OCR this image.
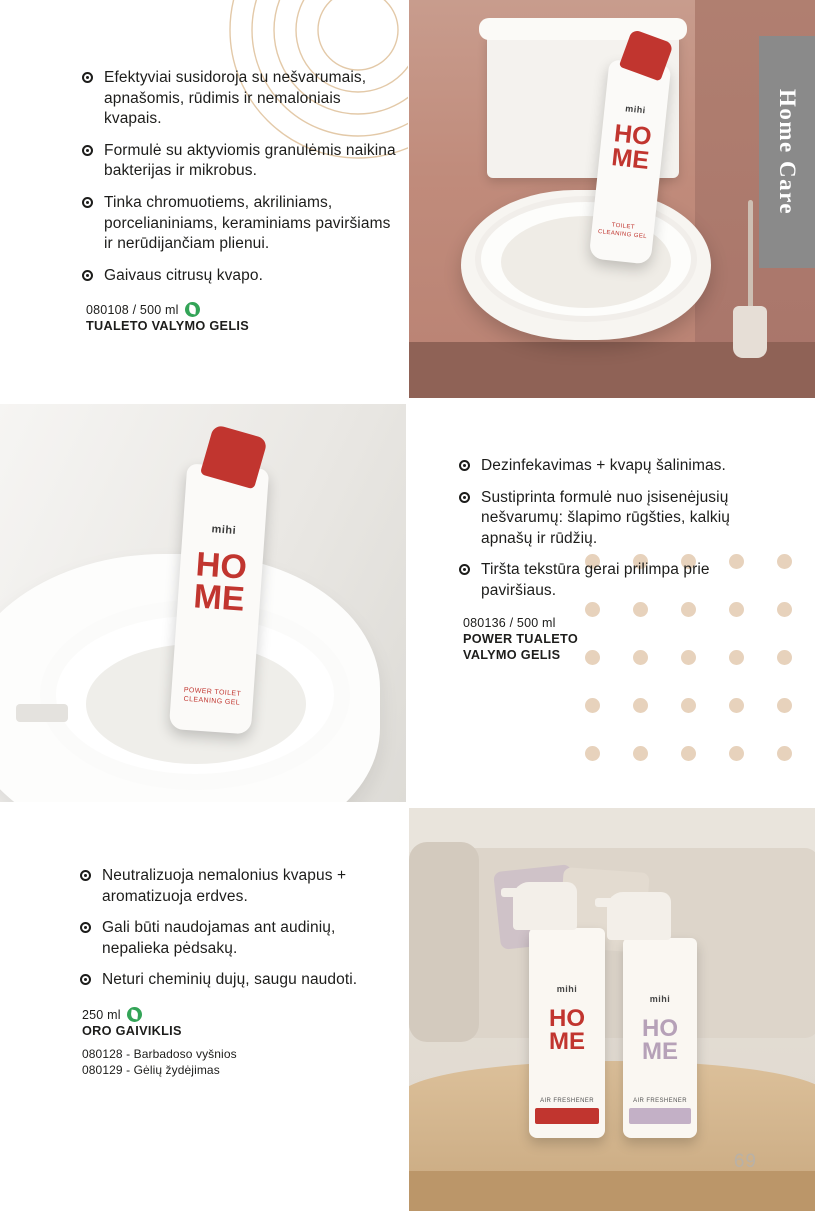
Efektyviai susidoroja su nešvarumais, apnašomis, rūdimis ir nemaloniais kvapais.
Formulė su aktyviomis granulėmis naikina bakterijas ir mikrobus.
Tinka chromuotiems, akriliniams, porcelianiniams, keraminiams paviršiams ir nerūdijančiam plienui.
Gaivaus citrusų kvapo.
080108 / 500 ml
TUALETO VALYMO GELIS
mihi
HO
ME
TOILET
CLEANING GEL
Home Care
mihi
HO
ME
POWER TOILET
CLEANING GEL
Dezinfekavimas + kvapų šalinimas.
Sustiprinta formulė nuo įsisenėjusių nešvarumų: šlapimo rūgšties, kalkių apnašų ir rūdžių.
Tiršta tekstūra gerai prilimpa prie paviršiaus.
080136 / 500 ml
POWER TUALETO
VALYMO GELIS
Neutralizuoja nemalonius kvapus + aromatizuoja erdves.
Gali būti naudojamas ant audinių, nepalieka pėdsakų.
Neturi cheminių dujų, saugu naudoti.
250 ml
ORO GAIVIKLIS
080128 - Barbadoso vyšnios
080129 - Gėlių žydėjimas
mihi
HO
ME
AIR FRESHENER
mihi
HO
ME
AIR FRESHENER
69
